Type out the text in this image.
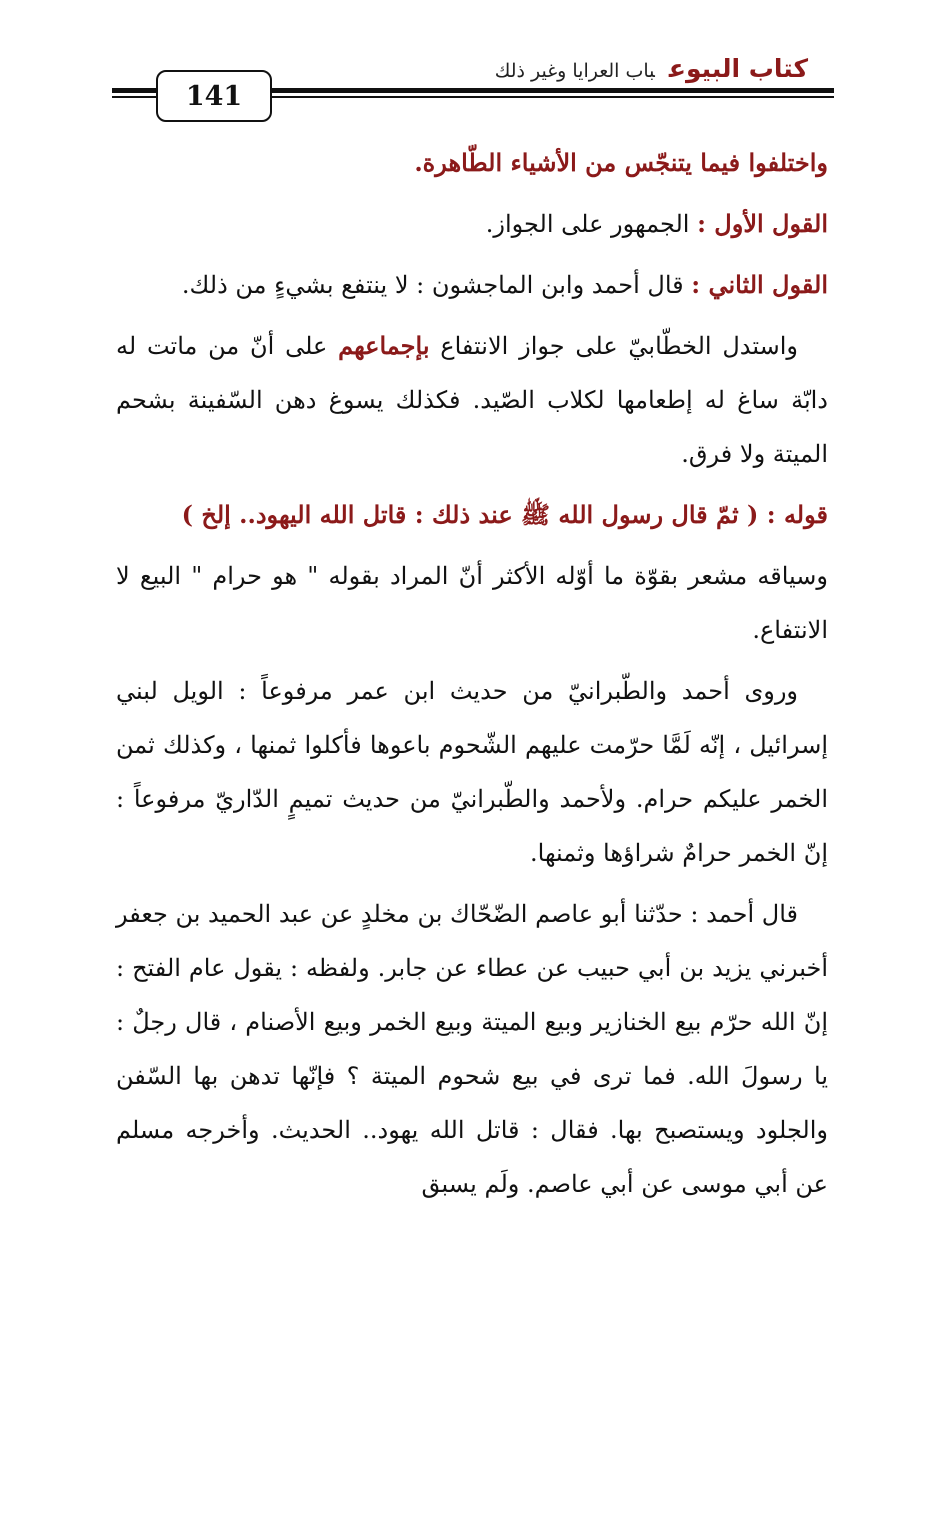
كتاب البيوعباب العرايا وغير ذلك
141

واختلفوا فيما يتنجّس من الأشياء الطّاهرة.

القول الأول : الجمهور على الجواز.

القول الثاني : قال أحمد وابن الماجشون : لا ينتفع بشيءٍ من ذلك.

واستدل الخطّابيّ على جواز الانتفاع بإجماعهم على أنّ من ماتت له دابّة ساغ له إطعامها لكلاب الصّيد. فكذلك يسوغ دهن السّفينة بشحم الميتة ولا فرق.

قوله : ( ثمّ قال رسول الله ﷺ عند ذلك : قاتل الله اليهود.. إلخ )

وسياقه مشعر بقوّة ما أوّله الأكثر أنّ المراد بقوله " هو حرام " البيع لا الانتفاع.

وروى أحمد والطّبرانيّ من حديث ابن عمر مرفوعاً : الويل لبني إسرائيل ، إنّه لَمَّا حرّمت عليهم الشّحوم باعوها فأكلوا ثمنها ، وكذلك ثمن الخمر عليكم حرام. ولأحمد والطّبرانيّ من حديث تميمٍ الدّاريّ مرفوعاً : إنّ الخمر حرامٌ شراؤها وثمنها.

قال أحمد : حدّثنا أبو عاصم الضّحّاك بن مخلدٍ عن عبد الحميد بن جعفر أخبرني يزيد بن أبي حبيب عن عطاء عن جابر. ولفظه : يقول عام الفتح : إنّ الله حرّم بيع الخنازير وبيع الميتة وبيع الخمر وبيع الأصنام ، قال رجلٌ : يا رسولَ الله. فما ترى في بيع شحوم الميتة ؟ فإنّها تدهن بها السّفن والجلود ويستصبح بها. فقال : قاتل الله يهود.. الحديث. وأخرجه مسلم عن أبي موسى عن أبي عاصم. ولَم يسبق
